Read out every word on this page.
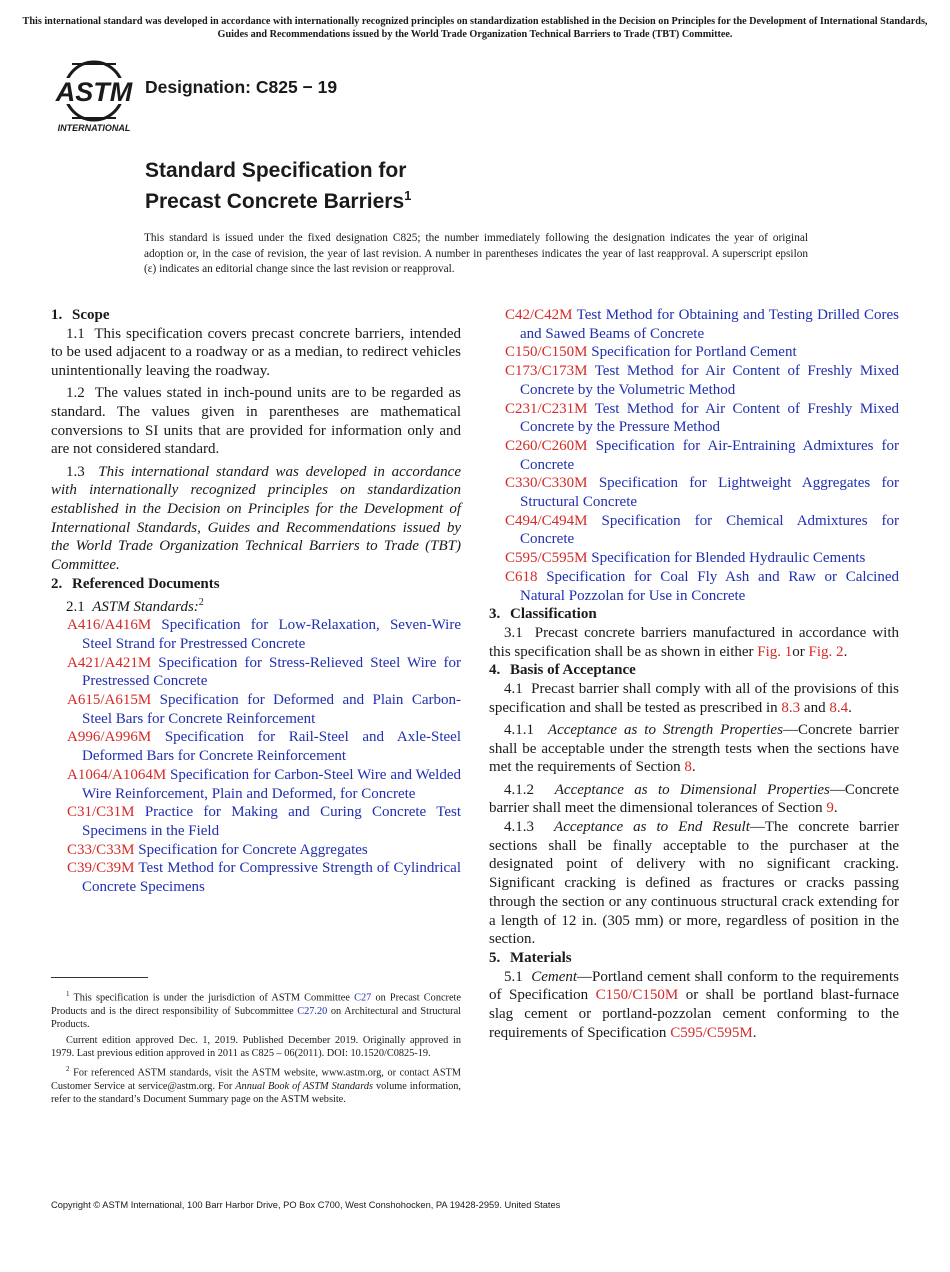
This international standard was developed in accordance with internationally recognized principles on standardization established in the Decision on Principles for the Development of International Standards, Guides and Recommendations issued by the World Trade Organization Technical Barriers to Trade (TBT) Committee.
ASTM
INTERNATIONAL
Designation: C825 − 19
Standard Specification for
Precast Concrete Barriers$^1$
This standard is issued under the fixed designation C825; the number immediately following the designation indicates the year of original adoption or, in the case of revision, the year of last revision. A number in parentheses indicates the year of last reapproval. A superscript epsilon (ε) indicates an editorial change since the last revision or reapproval.

1. Scope

1.1 This specification covers precast concrete barriers, intended to be used adjacent to a roadway or as a median, to redirect vehicles unintentionally leaving the roadway.

1.2 The values stated in inch-pound units are to be regarded as standard. The values given in parentheses are mathematical conversions to SI units that are provided for information only and are not considered standard.

1.3 This international standard was developed in accordance with internationally recognized principles on standardization established in the Decision on Principles for the Development of International Standards, Guides and Recommendations issued by the World Trade Organization Technical Barriers to Trade (TBT) Committee.

2. Referenced Documents

2.1 ASTM Standards:$^2$

A416/A416M Specification for Low-Relaxation, Seven-Wire Steel Strand for Prestressed Concrete

A421/A421M Specification for Stress-Relieved Steel Wire for Prestressed Concrete

A615/A615M Specification for Deformed and Plain Carbon-Steel Bars for Concrete Reinforcement

A996/A996M Specification for Rail-Steel and Axle-Steel Deformed Bars for Concrete Reinforcement

A1064/A1064M Specification for Carbon-Steel Wire and Welded Wire Reinforcement, Plain and Deformed, for Concrete

C31/C31M Practice for Making and Curing Concrete Test Specimens in the Field

C33/C33M Specification for Concrete Aggregates

C39/C39M Test Method for Compressive Strength of Cylindrical Concrete Specimens

$^1$ This specification is under the jurisdiction of ASTM Committee C27 on Precast Concrete Products and is the direct responsibility of Subcommittee C27.20 on Architectural and Structural Products.

Current edition approved Dec. 1, 2019. Published December 2019. Originally approved in 1979. Last previous edition approved in 2011 as C825 – 06(2011). DOI: 10.1520/C0825-19.

$^2$ For referenced ASTM standards, visit the ASTM website, www.astm.org, or contact ASTM Customer Service at service@astm.org. For Annual Book of ASTM Standards volume information, refer to the standard’s Document Summary page on the ASTM website.

C42/C42M Test Method for Obtaining and Testing Drilled Cores and Sawed Beams of Concrete

C150/C150M Specification for Portland Cement

C173/C173M Test Method for Air Content of Freshly Mixed Concrete by the Volumetric Method

C231/C231M Test Method for Air Content of Freshly Mixed Concrete by the Pressure Method

C260/C260M Specification for Air-Entraining Admixtures for Concrete

C330/C330M Specification for Lightweight Aggregates for Structural Concrete

C494/C494M Specification for Chemical Admixtures for Concrete

C595/C595M Specification for Blended Hydraulic Cements

C618 Specification for Coal Fly Ash and Raw or Calcined Natural Pozzolan for Use in Concrete

3. Classification

3.1 Precast concrete barriers manufactured in accordance with this specification shall be as shown in either Fig. 1or Fig. 2.

4. Basis of Acceptance

4.1 Precast barrier shall comply with all of the provisions of this specification and shall be tested as prescribed in 8.3 and 8.4.

4.1.1 Acceptance as to Strength Properties—Concrete barrier shall be acceptable under the strength tests when the sections have met the requirements of Section 8.

4.1.2 Acceptance as to Dimensional Properties—Concrete barrier shall meet the dimensional tolerances of Section 9.

4.1.3 Acceptance as to End Result—The concrete barrier sections shall be finally acceptable to the purchaser at the designated point of delivery with no significant cracking. Significant cracking is defined as fractures or cracks passing through the section or any continuous structural crack extending for a length of 12 in. (305 mm) or more, regardless of position in the section.

5. Materials

5.1 Cement—Portland cement shall conform to the requirements of Specification C150/C150M or shall be portland blast-furnace slag cement or portland-pozzolan cement conforming to the requirements of Specification C595/C595M.

Copyright © ASTM International, 100 Barr Harbor Drive, PO Box C700, West Conshohocken, PA 19428-2959. United States
